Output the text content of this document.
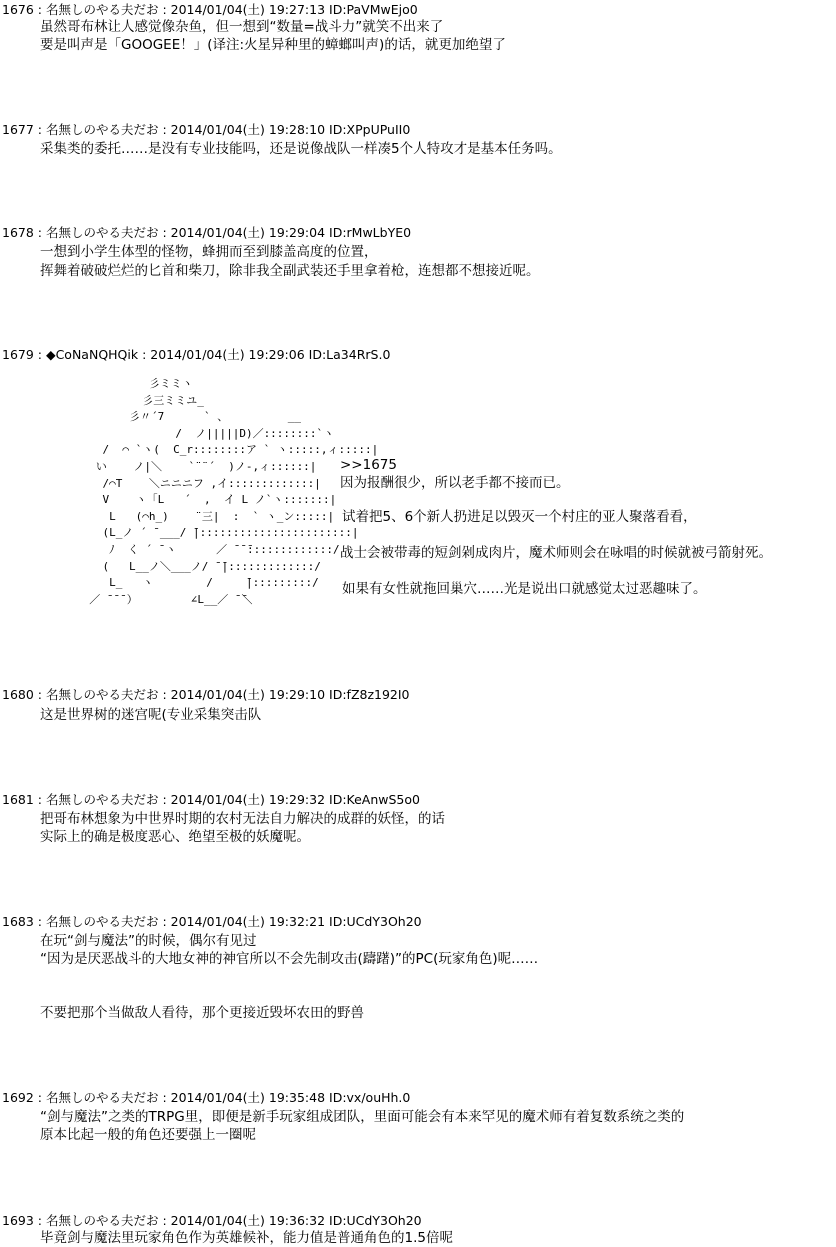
1676 : 名無しのやる夫だお : 2014/01/04(土) 19:27:13 ID:PaVMwEjo0
虽然哥布林让人感觉像杂鱼，但一想到“数量=战斗力”就笑不出来了
要是叫声是「GOOGEE！」(译注:火星异种里的蟑螂叫声)的话，就更加绝望了
1677 : 名無しのやる夫だお : 2014/01/04(土) 19:28:10 ID:XPpUPuII0
采集类的委托……是没有专业技能吗，还是说像战队一样凑5个人特攻才是基本任务吗。
1678 : 名無しのやる夫だお : 2014/01/04(土) 19:29:04 ID:rMwLbYE0
一想到小学生体型的怪物，蜂拥而至到膝盖高度的位置，
挥舞着破破烂烂的匕首和柴刀，除非我全副武装还手里拿着枪，连想都不想接近呢。
1679 : ◆CoNaNQHQik : 2014/01/04(土) 19:29:06 ID:La34RrS.0
彡ミミヽ
彡三ミミユ_
彡〃´7      ` 、         __
/  ノ|||||D)／::::::::`ヽ
/  ⌒ `ヽ(  C_r::::::::ア ` ヽ:::::,ィ:::::|
い    ノ|＼    `¨¨´  )ノ-,ィ::::::|
/⌒T    ＼ニニニフ ,イ:::::::::::::|
V    ヽ「L   ´  ,  イ L ノ`ヽ:::::::|
L   (⌒h_)    ¨三|  :  ` ヽ_ン:::::|
(L_ノ ´ ̄ ___/ ̄|:::::::::::::::::::::::|
ﾉ  く ´ ̄ ヽ      ／ ̄ ̄ ̄:::::::::::::/
(   L__ノ＼___ノ/ ̄ ̄|:::::::::::::/
L_   ヽ        /     ̄|:::::::::/
／ ̄ ̄ ̄ ）        ∠L__／ ̄ ̄＼
>>1675
因为报酬很少，所以老手都不接而已。
试着把5、6个新人扔进足以毁灭一个村庄的亚人聚落看看，
战士会被带毒的短剑剁成肉片，魔术师则会在咏唱的时候就被弓箭射死。
如果有女性就拖回巢穴……光是说出口就感觉太过恶趣味了。
1680 : 名無しのやる夫だお : 2014/01/04(土) 19:29:10 ID:fZ8z192I0
这是世界树的迷宫呢(专业采集突击队
1681 : 名無しのやる夫だお : 2014/01/04(土) 19:29:32 ID:KeAnwS5o0
把哥布林想象为中世界时期的农村无法自力解决的成群的妖怪，的话
实际上的确是极度恶心、绝望至极的妖魔呢。
1683 : 名無しのやる夫だお : 2014/01/04(土) 19:32:21 ID:UCdY3Oh20
在玩“剑与魔法”的时候，偶尔有见过
“因为是厌恶战斗的大地女神的神官所以不会先制攻击(躊躇)”的PC(玩家角色)呢……
不要把那个当做敌人看待，那个更接近毁坏农田的野兽
1692 : 名無しのやる夫だお : 2014/01/04(土) 19:35:48 ID:vx/ouHh.0
“剑与魔法”之类的TRPG里，即便是新手玩家组成团队，里面可能会有本来罕见的魔术师有着复数系统之类的
原本比起一般的角色还要强上一圈呢
1693 : 名無しのやる夫だお : 2014/01/04(土) 19:36:32 ID:UCdY3Oh20
毕竟剑与魔法里玩家角色作为英雄候补，能力值是普通角色的1.5倍呢
